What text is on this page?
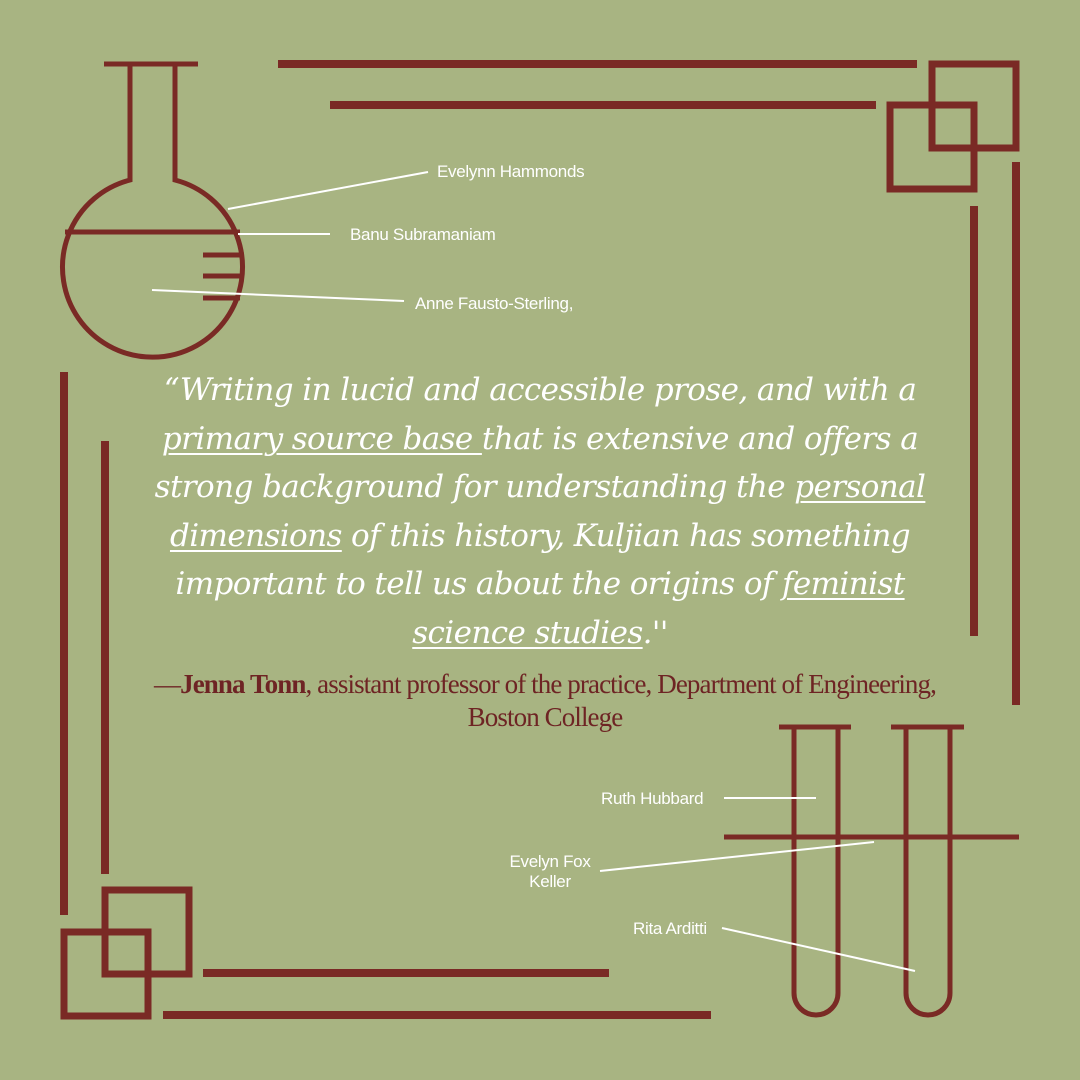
Evelynn Hammonds
Banu Subramaniam
Anne Fausto-Sterling,
Ruth Hubbard
Evelyn Fox
Keller
Rita Arditti
“Writing in lucid and accessible prose, and with a primary source base that is extensive and offers a strong background for understanding the personal dimensions of this history, Kuljian has something important to tell us about the origins of feminist science studies.''
—Jenna Tonn, assistant professor of the practice, Department of Engineering, Boston College
